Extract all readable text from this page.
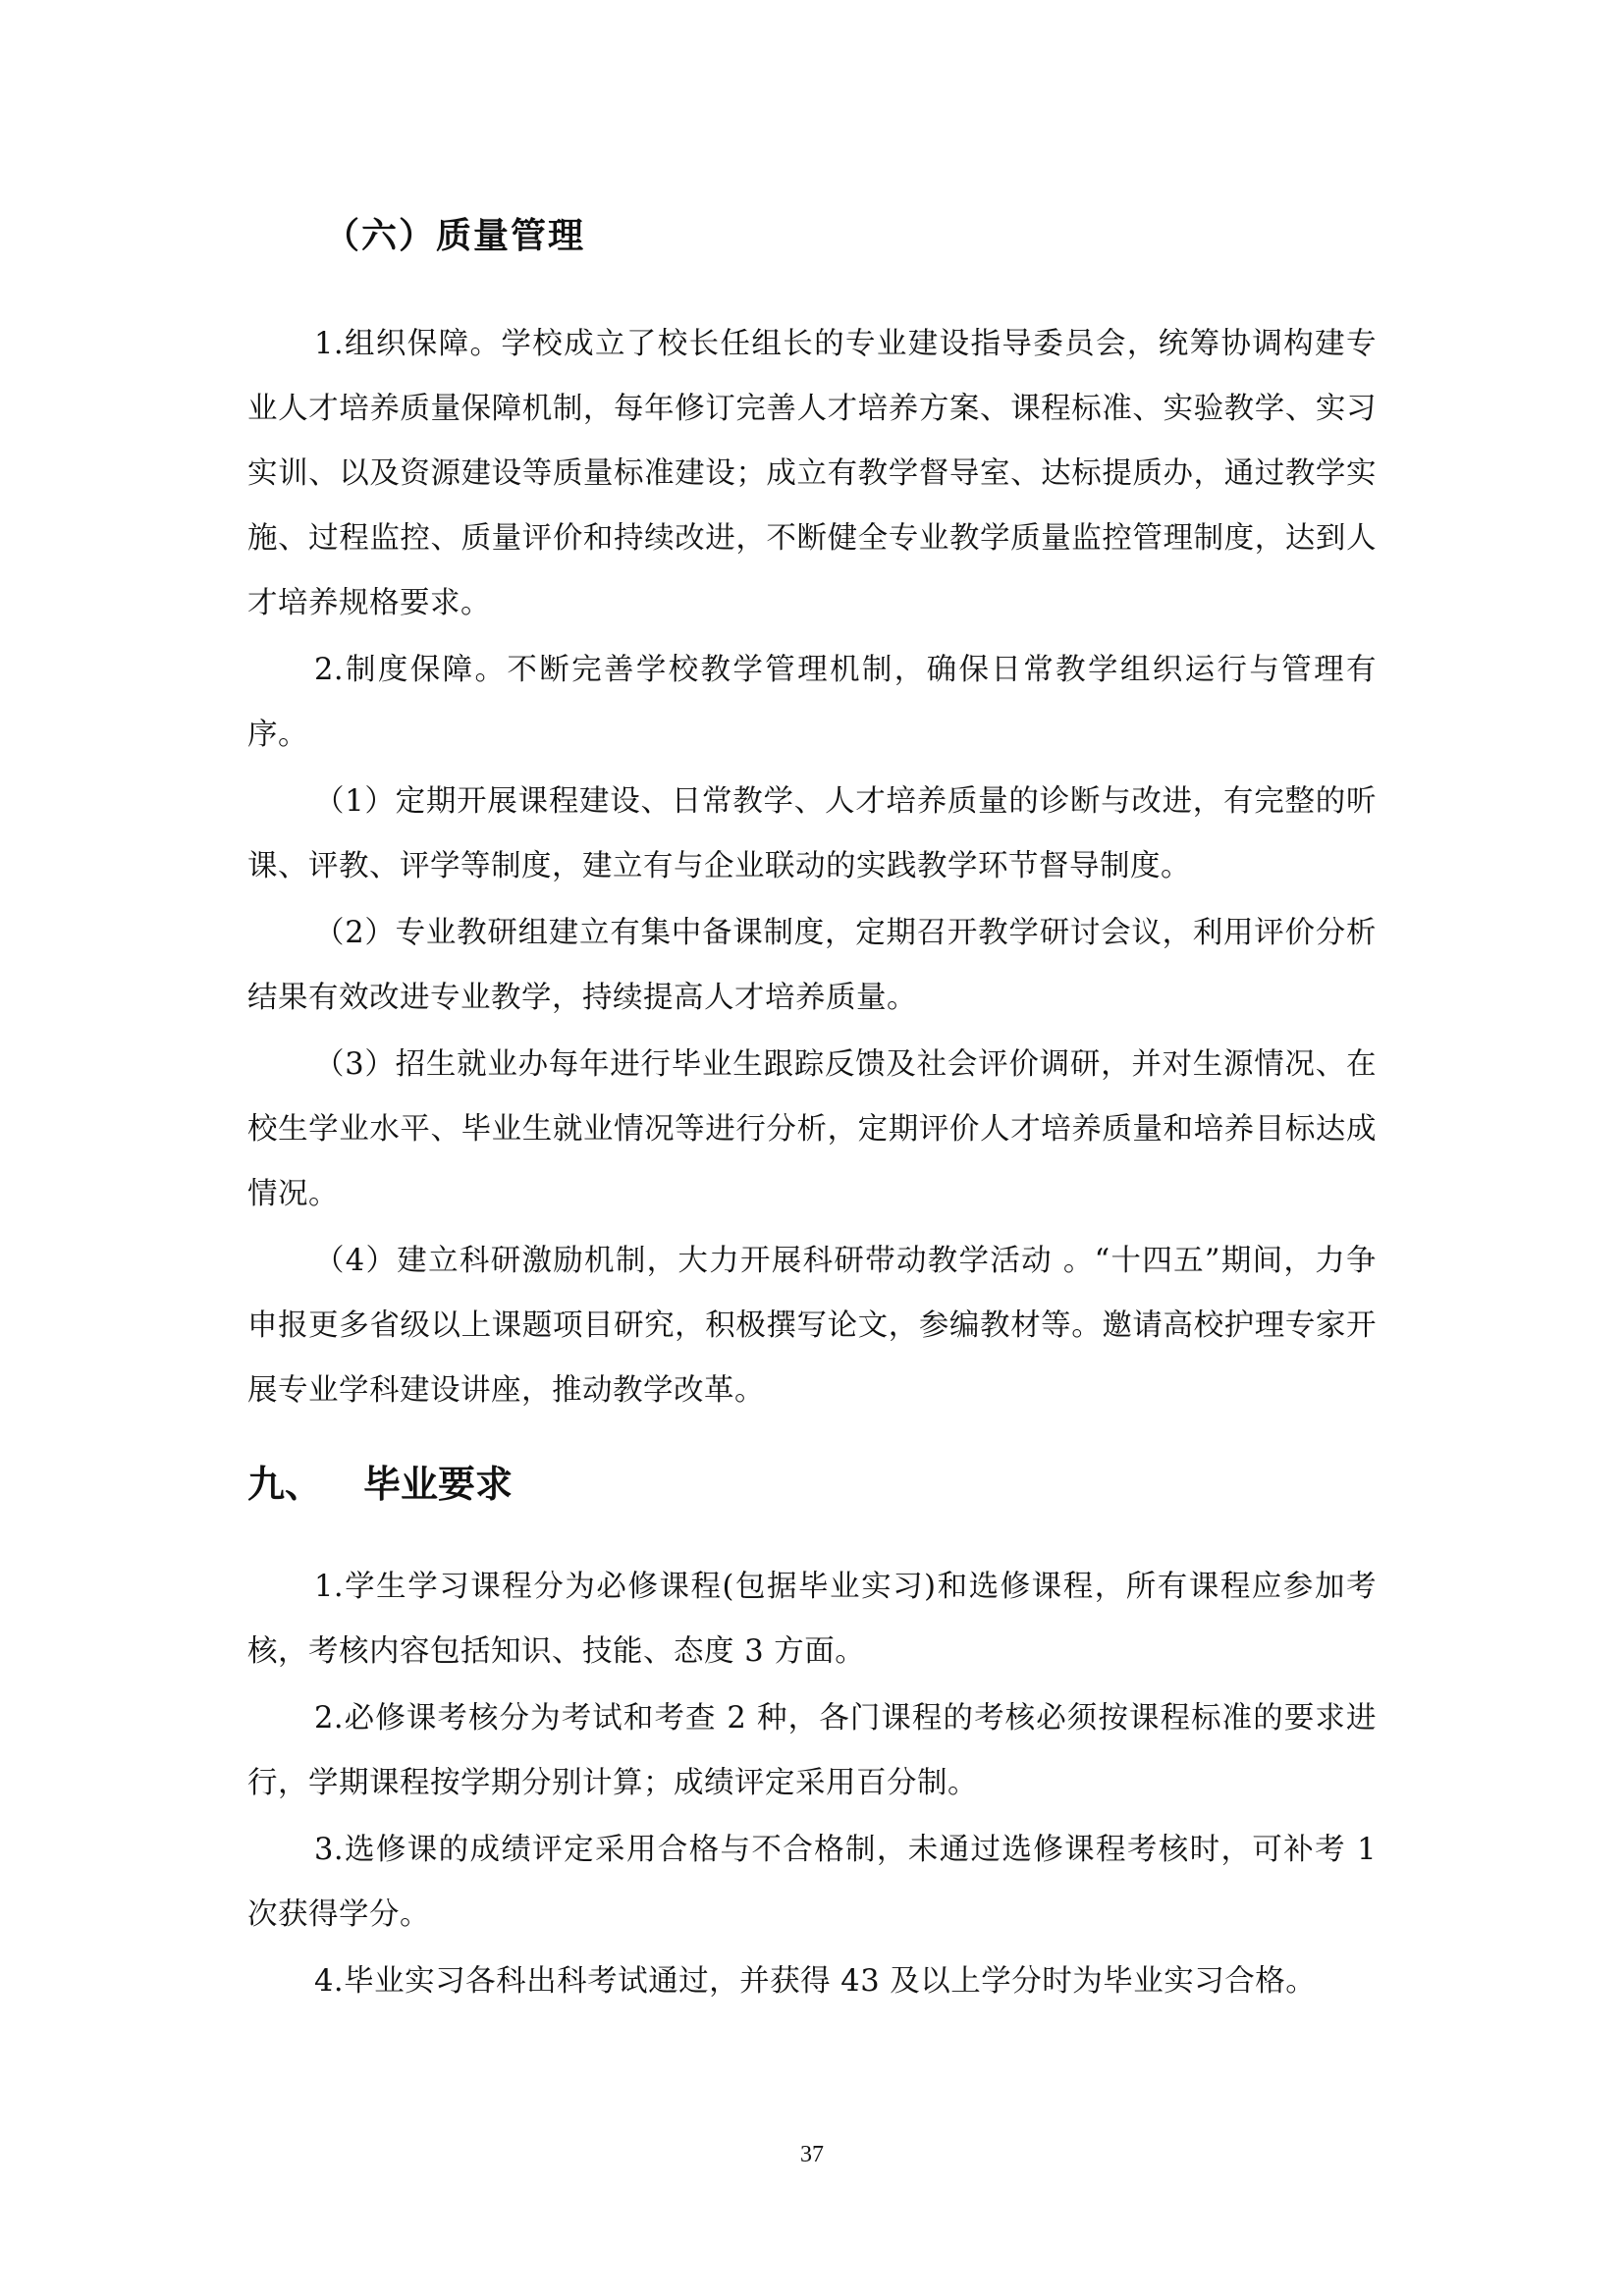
（六）质量管理

1.组织保障。学校成立了校长任组长的专业建设指导委员会，统筹协调构建专业人才培养质量保障机制，每年修订完善人才培养方案、课程标准、实验教学、实习实训、以及资源建设等质量标准建设；成立有教学督导室、达标提质办，通过教学实施、过程监控、质量评价和持续改进，不断健全专业教学质量监控管理制度，达到人才培养规格要求。

2.制度保障。不断完善学校教学管理机制，确保日常教学组织运行与管理有序。

（1）定期开展课程建设、日常教学、人才培养质量的诊断与改进，有完整的听课、评教、评学等制度，建立有与企业联动的实践教学环节督导制度。

（2）专业教研组建立有集中备课制度，定期召开教学研讨会议，利用评价分析结果有效改进专业教学，持续提高人才培养质量。

（3）招生就业办每年进行毕业生跟踪反馈及社会评价调研，并对生源情况、在校生学业水平、毕业生就业情况等进行分析，定期评价人才培养质量和培养目标达成情况。

（4）建立科研激励机制，大力开展科研带动教学活动 。“十四五”期间，力争申报更多省级以上课题项目研究，积极撰写论文，参编教材等。邀请高校护理专家开展专业学科建设讲座，推动教学改革。

九、 毕业要求

1.学生学习课程分为必修课程(包据毕业实习)和选修课程，所有课程应参加考核，考核内容包括知识、技能、态度 3 方面。

2.必修课考核分为考试和考查 2 种，各门课程的考核必须按课程标准的要求进行，学期课程按学期分别计算；成绩评定采用百分制。

3.选修课的成绩评定采用合格与不合格制，未通过选修课程考核时，可补考 1 次获得学分。

4.毕业实习各科出科考试通过，并获得 43 及以上学分时为毕业实习合格。

37
